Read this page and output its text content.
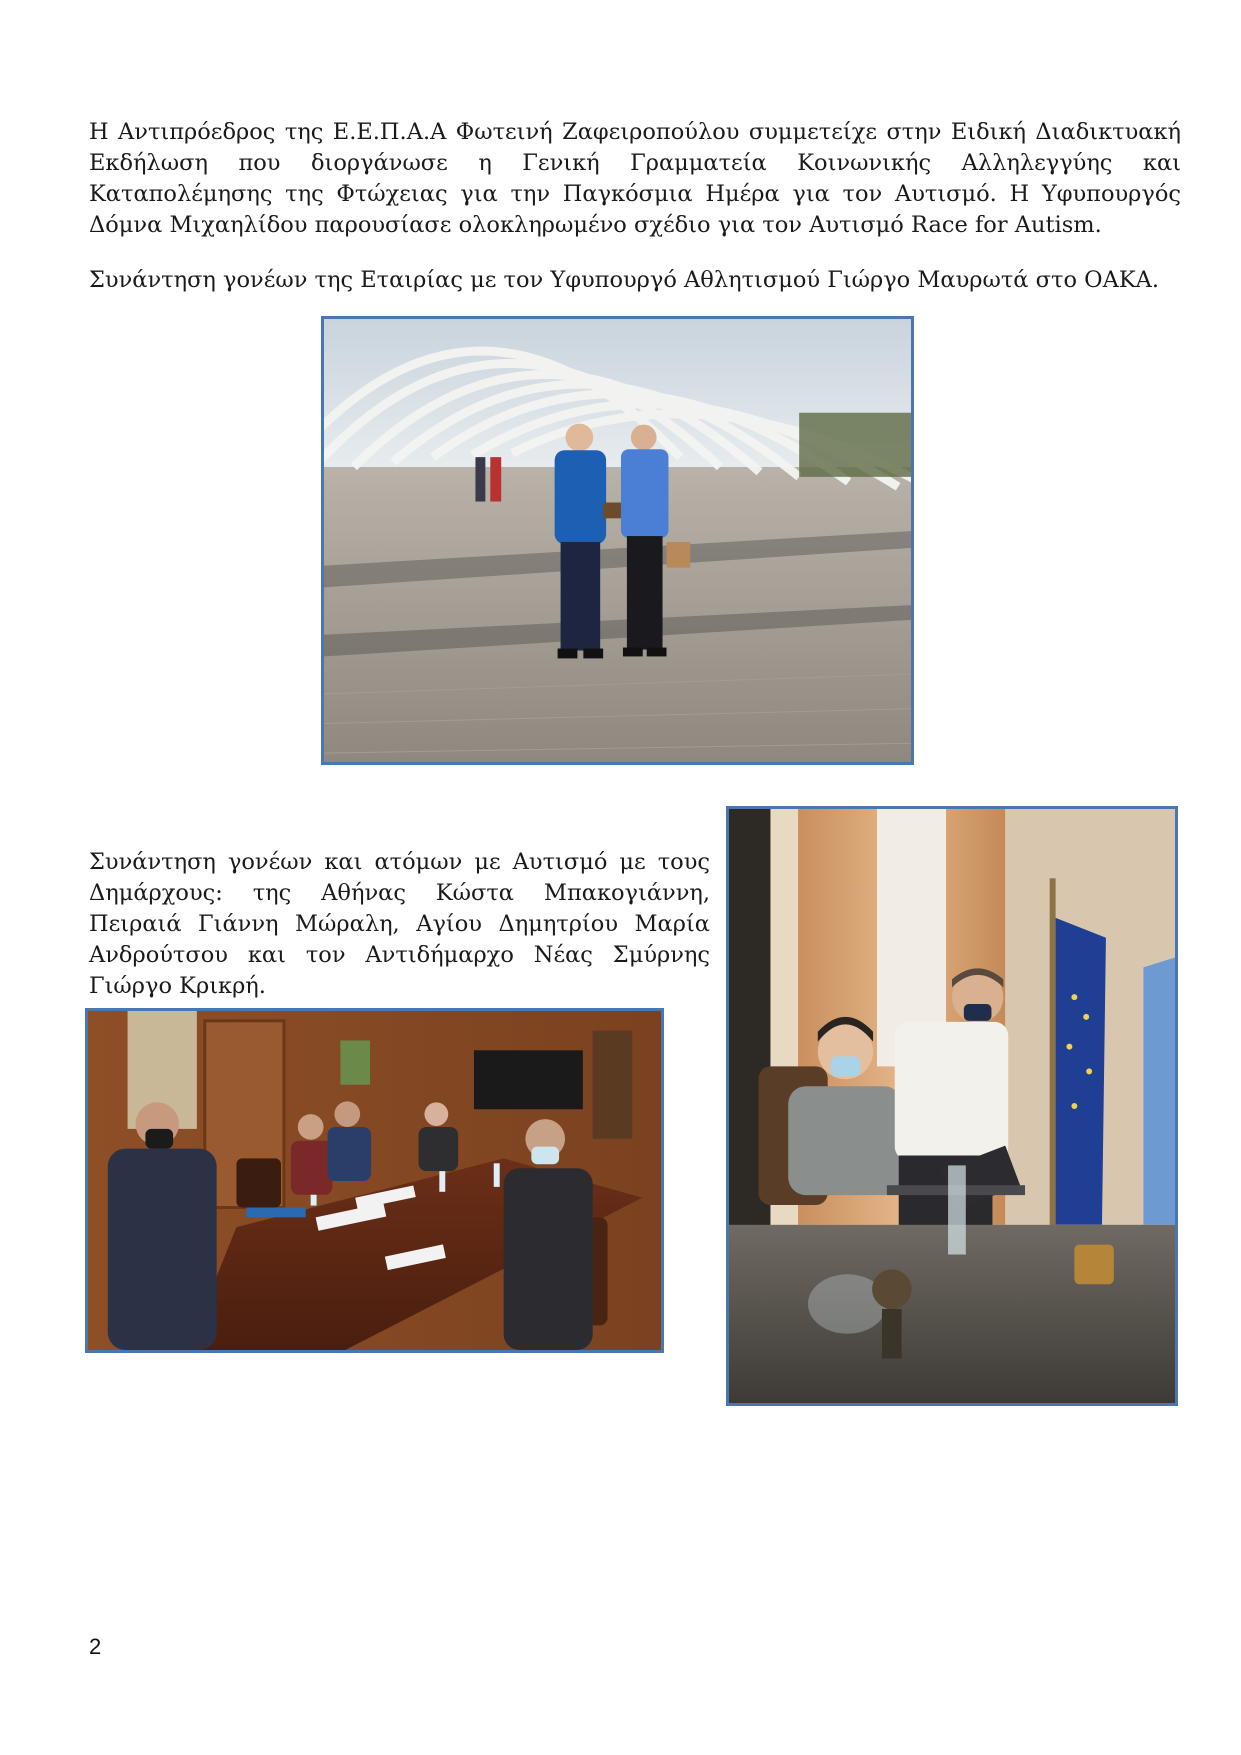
Η Αντιπρόεδρος της Ε.Ε.Π.Α.Α Φωτεινή Ζαφειροπούλου συμμετείχε στην Ειδική Διαδικτυακή Εκδήλωση που διοργάνωσε η Γενική Γραμματεία Κοινωνικής Αλληλεγγύης και Καταπολέμησης της Φτώχειας για την Παγκόσμια Ημέρα για τον Αυτισμό. Η Υφυπουργός Δόμνα Μιχαηλίδου παρουσίασε ολοκληρωμένο σχέδιο για τον Αυτισμό Race for Autism.

Συνάντηση γονέων της Εταιρίας με τον Υφυπουργό Αθλητισμού Γιώργο Μαυρωτά στο ΟΑΚΑ.

Συνάντηση γονέων και ατόμων με Αυτισμό με τους Δημάρχους: της Αθήνας Κώστα Μπακογιάννη, Πειραιά Γιάννη Μώραλη, Αγίου Δημητρίου Μαρία Ανδρούτσου και τον Αντιδήμαρχο Νέας Σμύρνης Γιώργο Κρικρή.

2
